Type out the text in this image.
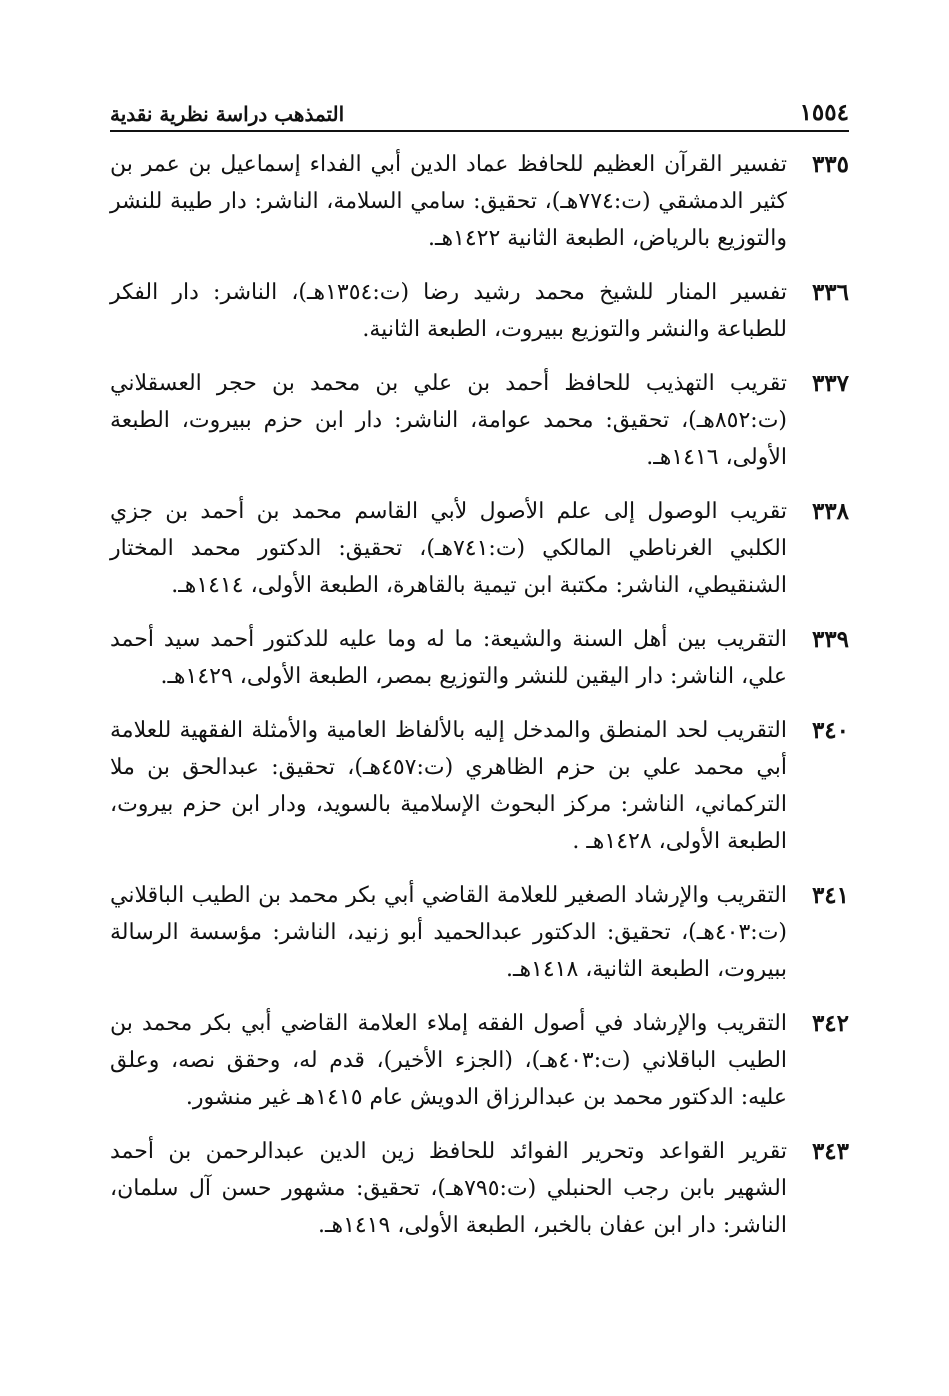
١٥٥٤
التمذهب دراسة نظرية نقدية
٣٣٥
تفسير القرآن العظيم للحافظ عماد الدين أبي الفداء إسماعيل بن عمر بن كثير الدمشقي (ت:٧٧٤هـ)، تحقيق: سامي السلامة، الناشر: دار طيبة للنشر والتوزيع بالرياض، الطبعة الثانية ١٤٢٢هـ.
٣٣٦
تفسير المنار للشيخ محمد رشيد رضا (ت:١٣٥٤هـ)، الناشر: دار الفكر للطباعة والنشر والتوزيع ببيروت، الطبعة الثانية.
٣٣٧
تقريب التهذيب للحافظ أحمد بن علي بن محمد بن حجر العسقلاني (ت:٨٥٢هـ)، تحقيق: محمد عوامة، الناشر: دار ابن حزم ببيروت، الطبعة الأولى، ١٤١٦هـ.
٣٣٨
تقريب الوصول إلى علم الأصول لأبي القاسم محمد بن أحمد بن جزي الكلبي الغرناطي المالكي (ت:٧٤١هـ)، تحقيق: الدكتور محمد المختار الشنقيطي، الناشر: مكتبة ابن تيمية بالقاهرة، الطبعة الأولى، ١٤١٤هـ.
٣٣٩
التقريب بين أهل السنة والشيعة: ما له وما عليه للدكتور أحمد سيد أحمد علي، الناشر: دار اليقين للنشر والتوزيع بمصر، الطبعة الأولى، ١٤٢٩هـ.
٣٤٠
التقريب لحد المنطق والمدخل إليه بالألفاظ العامية والأمثلة الفقهية للعلامة أبي محمد علي بن حزم الظاهري (ت:٤٥٧هـ)، تحقيق: عبدالحق بن ملا التركماني، الناشر: مركز البحوث الإسلامية بالسويد، ودار ابن حزم بيروت، الطبعة الأولى، ١٤٢٨هـ .
٣٤١
التقريب والإرشاد الصغير للعلامة القاضي أبي بكر محمد بن الطيب الباقلاني (ت:٤٠٣هـ)، تحقيق: الدكتور عبدالحميد أبو زنيد، الناشر: مؤسسة الرسالة ببيروت، الطبعة الثانية، ١٤١٨هـ.
٣٤٢
التقريب والإرشاد في أصول الفقه إملاء العلامة القاضي أبي بكر محمد بن الطيب الباقلاني (ت:٤٠٣هـ)، (الجزء الأخير)، قدم له، وحقق نصه، وعلق عليه: الدكتور محمد بن عبدالرزاق الدويش عام ١٤١٥هـ غير منشور.
٣٤٣
تقرير القواعد وتحرير الفوائد للحافظ زين الدين عبدالرحمن بن أحمد الشهير بابن رجب الحنبلي (ت:٧٩٥هـ)، تحقيق: مشهور حسن آل سلمان، الناشر: دار ابن عفان بالخبر، الطبعة الأولى، ١٤١٩هـ.
